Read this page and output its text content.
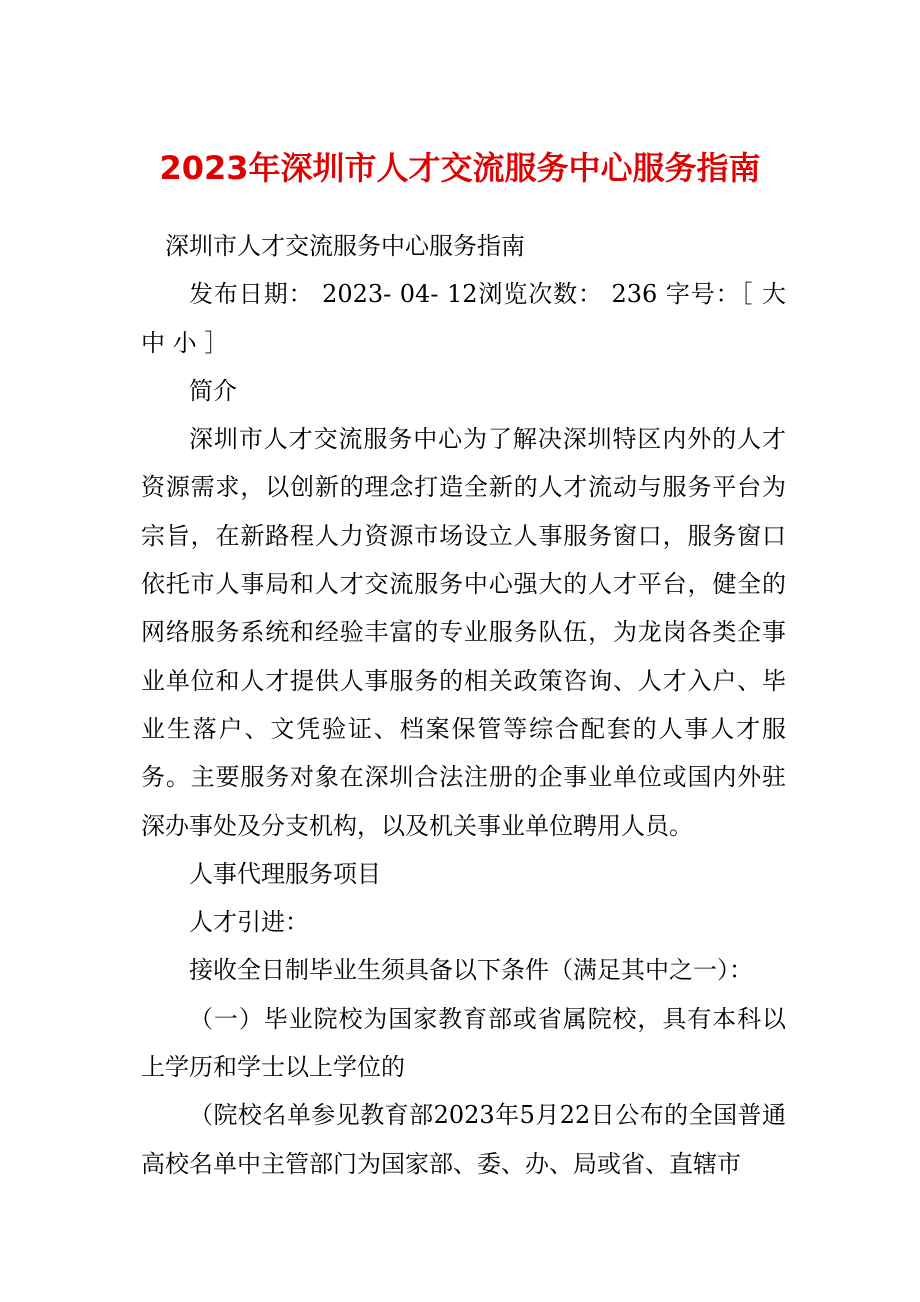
2023年深圳市人才交流服务中心服务指南

深圳市人才交流服务中心服务指南

发布日期： 2023- 04- 12浏览次数： 236 字号：［ 大 中 小 ］

简介

深圳市人才交流服务中心为了解决深圳特区内外的人才资源需求，以创新的理念打造全新的人才流动与服务平台为宗旨，在新路程人力资源市场设立人事服务窗口，服务窗口依托市人事局和人才交流服务中心强大的人才平台，健全的网络服务系统和经验丰富的专业服务队伍，为龙岗各类企事业单位和人才提供人事服务的相关政策咨询、人才入户、毕业生落户、文凭验证、档案保管等综合配套的人事人才服务。主要服务对象在深圳合法注册的企事业单位或国内外驻深办事处及分支机构，以及机关事业单位聘用人员。

人事代理服务项目

人才引进：

接收全日制毕业生须具备以下条件（满足其中之一）：

（一）毕业院校为国家教育部或省属院校，具有本科以上学历和学士以上学位的

（院校名单参见教育部2023年5月22日公布的全国普通高校名单中主管部门为国家部、委、办、局或省、直辖市
